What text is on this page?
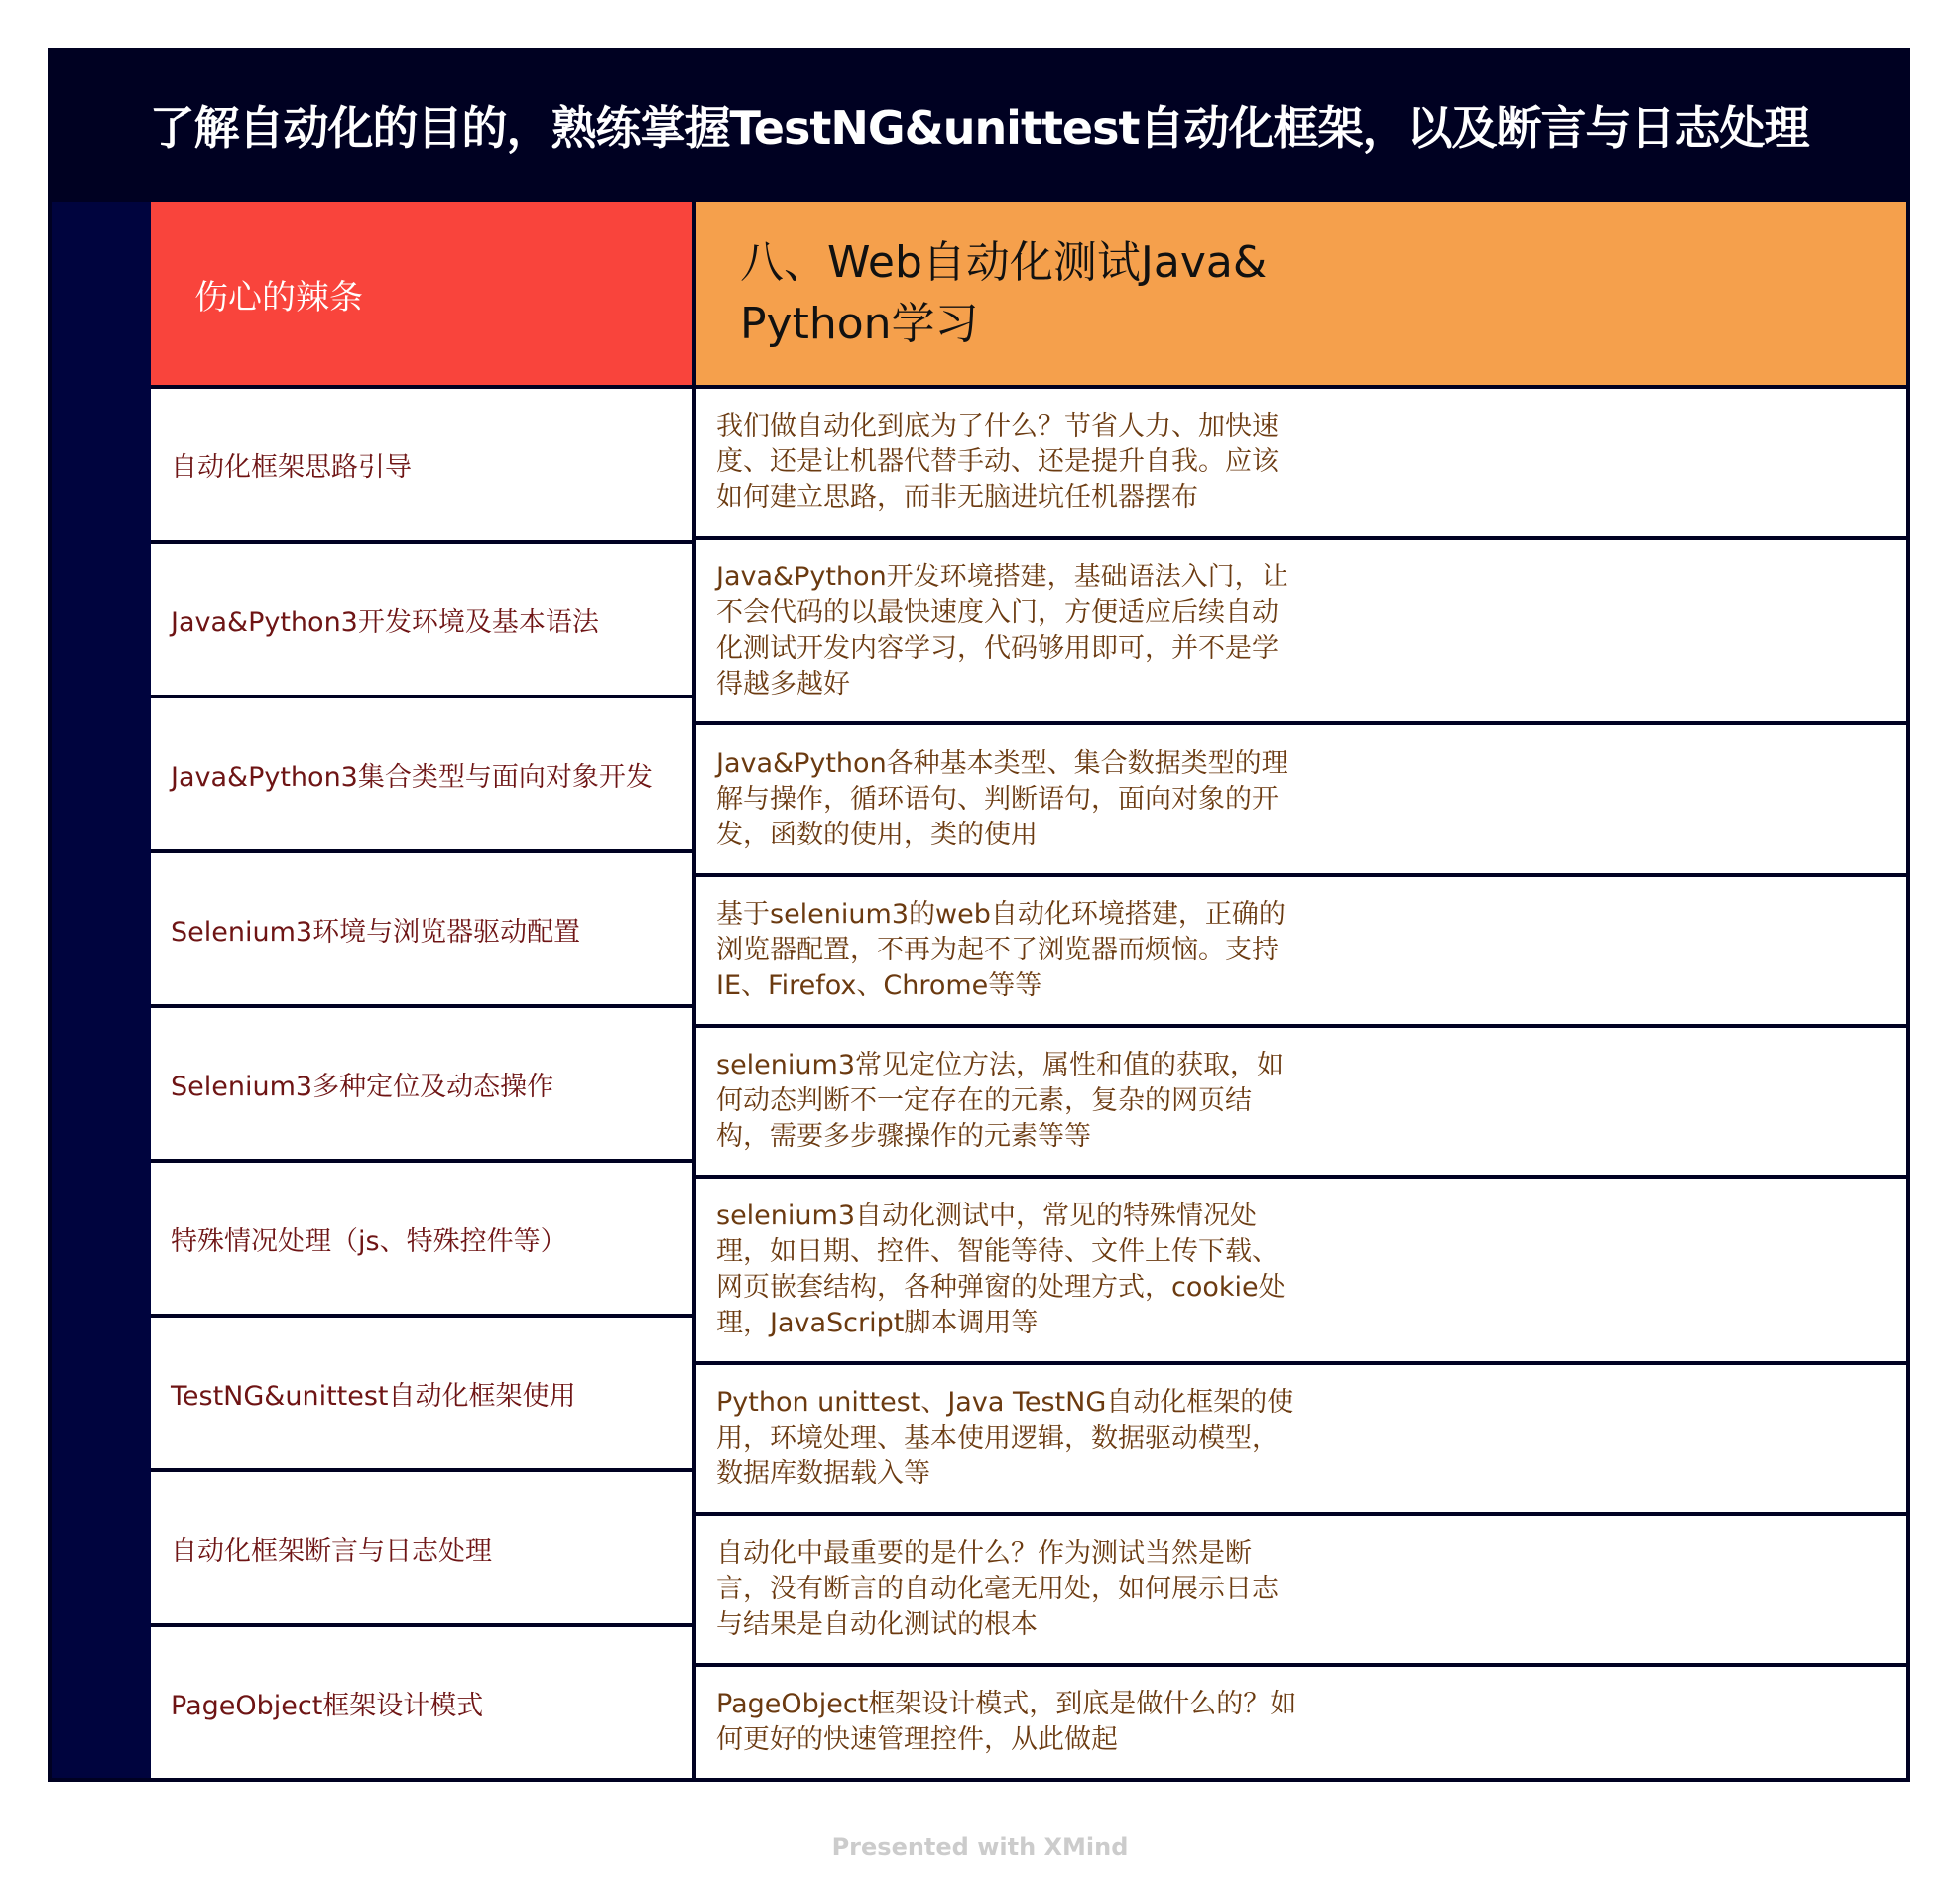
了解自动化的目的，熟练掌握TestNG&unittest自动化框架，以及断言与日志处理
伤心的辣条
八、Web自动化测试Java&
Python学习
自动化框架思路引导
Java&Python3开发环境及基本语法
Java&Python3集合类型与面向对象开发
Selenium3环境与浏览器驱动配置
Selenium3多种定位及动态操作
特殊情况处理（js、特殊控件等）
TestNG&unittest自动化框架使用
自动化框架断言与日志处理
PageObject框架设计模式
我们做自动化到底为了什么？节省人力、加快速
度、还是让机器代替手动、还是提升自我。应该
如何建立思路，而非无脑进坑任机器摆布
Java&Python开发环境搭建，基础语法入门，让
不会代码的以最快速度入门，方便适应后续自动
化测试开发内容学习，代码够用即可，并不是学
得越多越好
Java&Python各种基本类型、集合数据类型的理
解与操作，循环语句、判断语句，面向对象的开
发，函数的使用，类的使用
基于selenium3的web自动化环境搭建，正确的
浏览器配置，不再为起不了浏览器而烦恼。支持
IE、Firefox、Chrome等等
selenium3常见定位方法，属性和值的获取，如
何动态判断不一定存在的元素，复杂的网页结
构，需要多步骤操作的元素等等
selenium3自动化测试中，常见的特殊情况处
理，如日期、控件、智能等待、文件上传下载、
网页嵌套结构，各种弹窗的处理方式，cookie处
理，JavaScript脚本调用等
Python unittest、Java TestNG自动化框架的使
用，环境处理、基本使用逻辑，数据驱动模型，
数据库数据载入等
自动化中最重要的是什么？作为测试当然是断
言，没有断言的自动化毫无用处，如何展示日志
与结果是自动化测试的根本
PageObject框架设计模式，到底是做什么的？如
何更好的快速管理控件，从此做起
Presented with XMind
